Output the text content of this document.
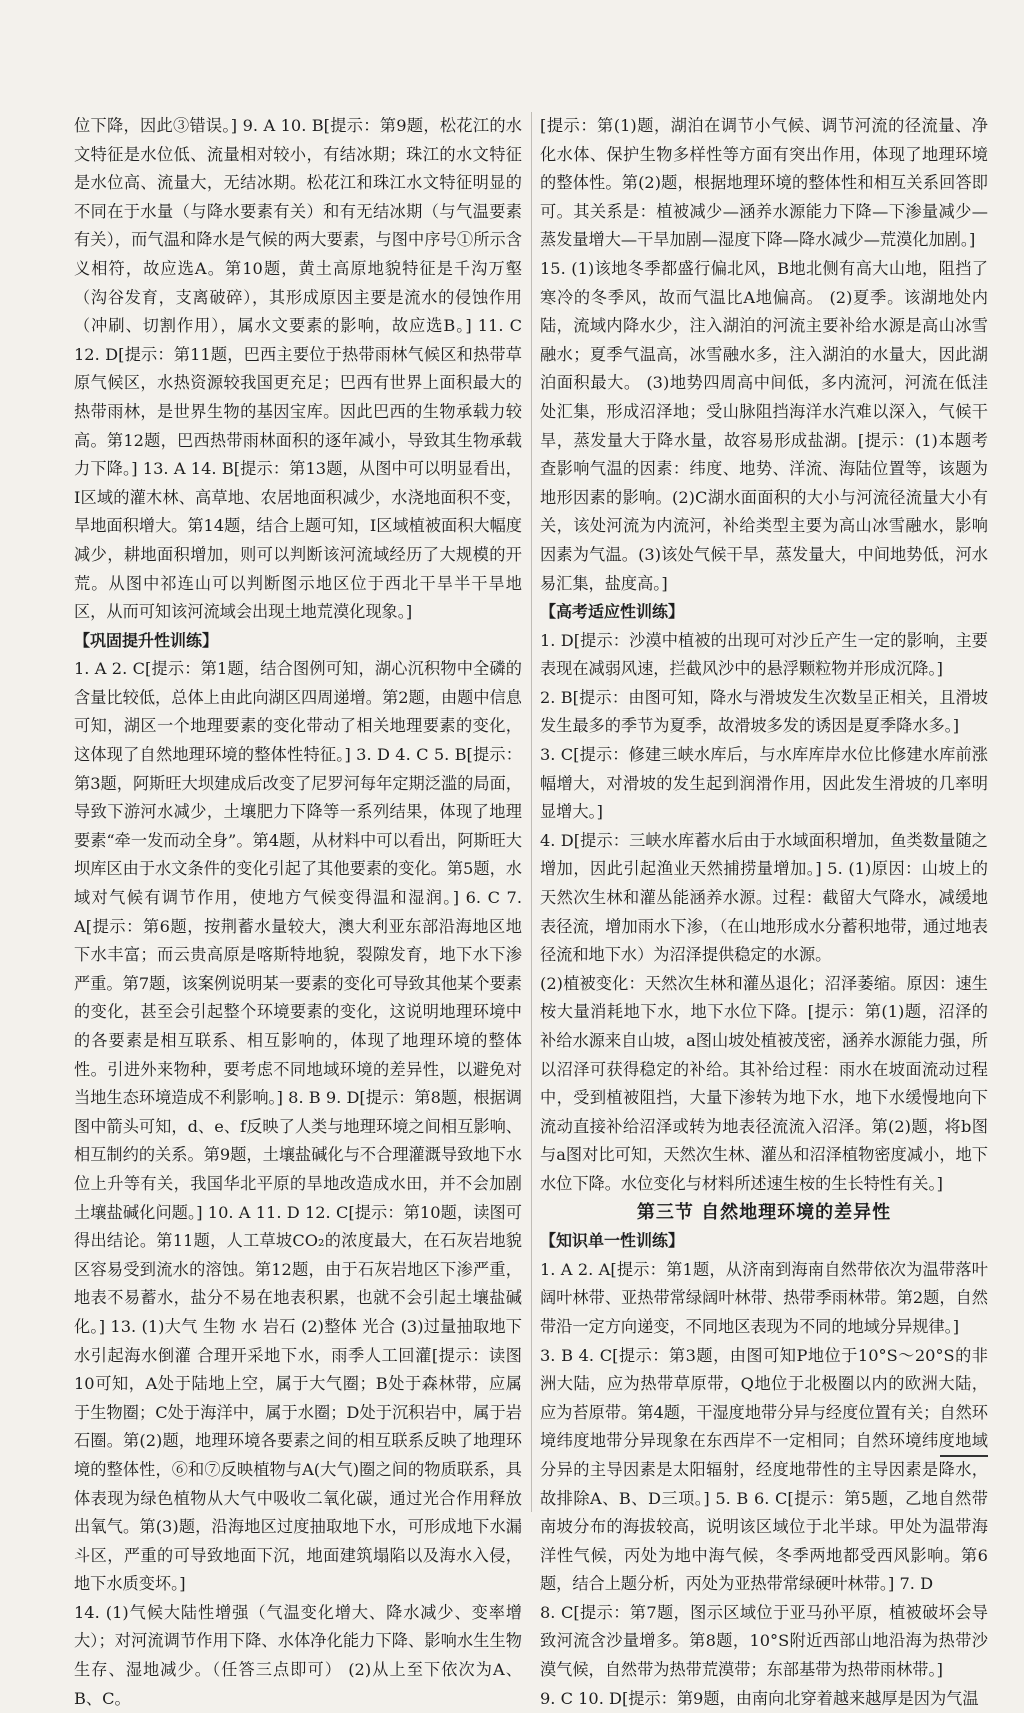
位下降，因此③错误。] 9. A 10. B[提示：第9题，松花江的水文特征是水位低、流量相对较小，有结冰期；珠江的水文特征是水位高、流量大，无结冰期。松花江和珠江水文特征明显的不同在于水量（与降水要素有关）和有无结冰期（与气温要素有关），而气温和降水是气候的两大要素，与图中序号①所示含义相符，故应选A。第10题，黄土高原地貌特征是千沟万壑（沟谷发育，支离破碎），其形成原因主要是流水的侵蚀作用（冲刷、切割作用），属水文要素的影响，故应选B。] 11. C 12. D[提示：第11题，巴西主要位于热带雨林气候区和热带草原气候区，水热资源较我国更充足；巴西有世界上面积最大的热带雨林，是世界生物的基因宝库。因此巴西的生物承载力较高。第12题，巴西热带雨林面积的逐年减小，导致其生物承载力下降。] 13. A 14. B[提示：第13题，从图中可以明显看出，Ⅰ区域的灌木林、高草地、农居地面积减少，水浇地面积不变，旱地面积增大。第14题，结合上题可知，Ⅰ区域植被面积大幅度减少，耕地面积增加，则可以判断该河流域经历了大规模的开荒。从图中祁连山可以判断图示地区位于西北干旱半干旱地区，从而可知该河流域会出现土地荒漠化现象。]

【巩固提升性训练】

1. A 2. C[提示：第1题，结合图例可知，湖心沉积物中全磷的含量比较低，总体上由此向湖区四周递增。第2题，由题中信息可知，湖区一个地理要素的变化带动了相关地理要素的变化，这体现了自然地理环境的整体性特征。] 3. D 4. C 5. B[提示：第3题，阿斯旺大坝建成后改变了尼罗河每年定期泛滥的局面，导致下游河水减少，土壤肥力下降等一系列结果，体现了地理要素“牵一发而动全身”。第4题，从材料中可以看出，阿斯旺大坝库区由于水文条件的变化引起了其他要素的变化。第5题，水域对气候有调节作用，使地方气候变得温和湿润。] 6. C 7. A[提示：第6题，按荆蓄水量较大，澳大利亚东部沿海地区地下水丰富；而云贵高原是喀斯特地貌，裂隙发育，地下水下渗严重。第7题，该案例说明某一要素的变化可导致其他某个要素的变化，甚至会引起整个环境要素的变化，这说明地理环境中的各要素是相互联系、相互影响的，体现了地理环境的整体性。引进外来物种，要考虑不同地域环境的差异性，以避免对当地生态环境造成不利影响。] 8. B 9. D[提示：第8题，根据调图中箭头可知，d、e、f反映了人类与地理环境之间相互影响、相互制约的关系。第9题，土壤盐碱化与不合理灌溉导致地下水位上升等有关，我国华北平原的旱地改造成水田，并不会加剧土壤盐碱化问题。] 10. A 11. D 12. C[提示：第10题，读图可得出结论。第11题，人工草坡CO₂的浓度最大，在石灰岩地貌区容易受到流水的溶蚀。第12题，由于石灰岩地区下渗严重，地表不易蓄水，盐分不易在地表积累，也就不会引起土壤盐碱化。] 13. (1)大气 生物 水 岩石 (2)整体 光合 (3)过量抽取地下水引起海水倒灌 合理开采地下水，雨季人工回灌[提示：读图10可知，A处于陆地上空，属于大气圈；B处于森林带，应属于生物圈；C处于海洋中，属于水圈；D处于沉积岩中，属于岩石圈。第(2)题，地理环境各要素之间的相互联系反映了地理环境的整体性，⑥和⑦反映植物与A(大气)圈之间的物质联系，具体表现为绿色植物从大气中吸收二氧化碳，通过光合作用释放出氧气。第(3)题，沿海地区过度抽取地下水，可形成地下水漏斗区，严重的可导致地面下沉，地面建筑塌陷以及海水入侵，地下水质变坏。]

14. (1)气候大陆性增强（气温变化增大、降水减少、变率增大）；对河流调节作用下降、水体净化能力下降、影响水生生物生存、湿地减少。（任答三点即可） (2)从上至下依次为A、B、C。

[提示：第(1)题，湖泊在调节小气候、调节河流的径流量、净化水体、保护生物多样性等方面有突出作用，体现了地理环境的整体性。第(2)题，根据地理环境的整体性和相互关系回答即可。其关系是：植被减少—涵养水源能力下降—下渗量减少—蒸发量增大—干旱加剧—湿度下降—降水减少—荒漠化加剧。]

15. (1)该地冬季都盛行偏北风，B地北侧有高大山地，阻挡了寒冷的冬季风，故而气温比A地偏高。 (2)夏季。该湖地处内陆，流域内降水少，注入湖泊的河流主要补给水源是高山冰雪融水；夏季气温高，冰雪融水多，注入湖泊的水量大，因此湖泊面积最大。 (3)地势四周高中间低，多内流河，河流在低洼处汇集，形成沼泽地；受山脉阻挡海洋水汽难以深入，气候干旱，蒸发量大于降水量，故容易形成盐湖。[提示：(1)本题考查影响气温的因素：纬度、地势、洋流、海陆位置等，该题为地形因素的影响。(2)C湖水面面积的大小与河流径流量大小有关，该处河流为内流河，补给类型主要为高山冰雪融水，影响因素为气温。(3)该处气候干旱，蒸发量大，中间地势低，河水易汇集，盐度高。]

【高考适应性训练】

1. D[提示：沙漠中植被的出现可对沙丘产生一定的影响，主要表现在减弱风速，拦截风沙中的悬浮颗粒物并形成沉降。]

2. B[提示：由图可知，降水与滑坡发生次数呈正相关，且滑坡发生最多的季节为夏季，故滑坡多发的诱因是夏季降水多。]

3. C[提示：修建三峡水库后，与水库库岸水位比修建水库前涨幅增大，对滑坡的发生起到润滑作用，因此发生滑坡的几率明显增大。]

4. D[提示：三峡水库蓄水后由于水域面积增加，鱼类数量随之增加，因此引起渔业天然捕捞量增加。] 5. (1)原因：山坡上的天然次生林和灌丛能涵养水源。过程：截留大气降水，减缓地表径流，增加雨水下渗，（在山地形成水分蓄积地带，通过地表径流和地下水）为沼泽提供稳定的水源。

(2)植被变化：天然次生林和灌丛退化；沼泽萎缩。原因：速生桉大量消耗地下水，地下水位下降。[提示：第(1)题，沼泽的补给水源来自山坡，a图山坡处植被茂密，涵养水源能力强，所以沼泽可获得稳定的补给。其补给过程：雨水在坡面流动过程中，受到植被阻挡，大量下渗转为地下水，地下水缓慢地向下流动直接补给沼泽或转为地表径流流入沼泽。第(2)题，将b图与a图对比可知，天然次生林、灌丛和沼泽植物密度减小，地下水位下降。水位变化与材料所述速生桉的生长特性有关。]

第三节 自然地理环境的差异性

【知识单一性训练】

1. A 2. A[提示：第1题，从济南到海南自然带依次为温带落叶阔叶林带、亚热带常绿阔叶林带、热带季雨林带。第2题，自然带沿一定方向递变，不同地区表现为不同的地域分异规律。]

3. B 4. C[提示：第3题，由图可知P地位于10°S～20°S的非洲大陆，应为热带草原带，Q地位于北极圈以内的欧洲大陆，应为苔原带。第4题，干湿度地带分异与经度位置有关；自然环境纬度地带分异现象在东西岸不一定相同；自然环境纬度地域分异的主导因素是太阳辐射，经度地带性的主导因素是降水，故排除A、B、D三项。] 5. B 6. C[提示：第5题，乙地自然带南坡分布的海拔较高，说明该区域位于北半球。甲处为温带海洋性气候，丙处为地中海气候，冬季两地都受西风影响。第6题，结合上题分析，丙处为亚热带常绿硬叶林带。] 7. D

8. C[提示：第7题，图示区域位于亚马孙平原，植被破坏会导致河流含沙量增多。第8题，10°S附近西部山地沿海为热带沙漠气候，自然带为热带荒漠带；东部基带为热带雨林带。]

9. C 10. D[提示：第9题，由南向北穿着越来越厚是因为气温
